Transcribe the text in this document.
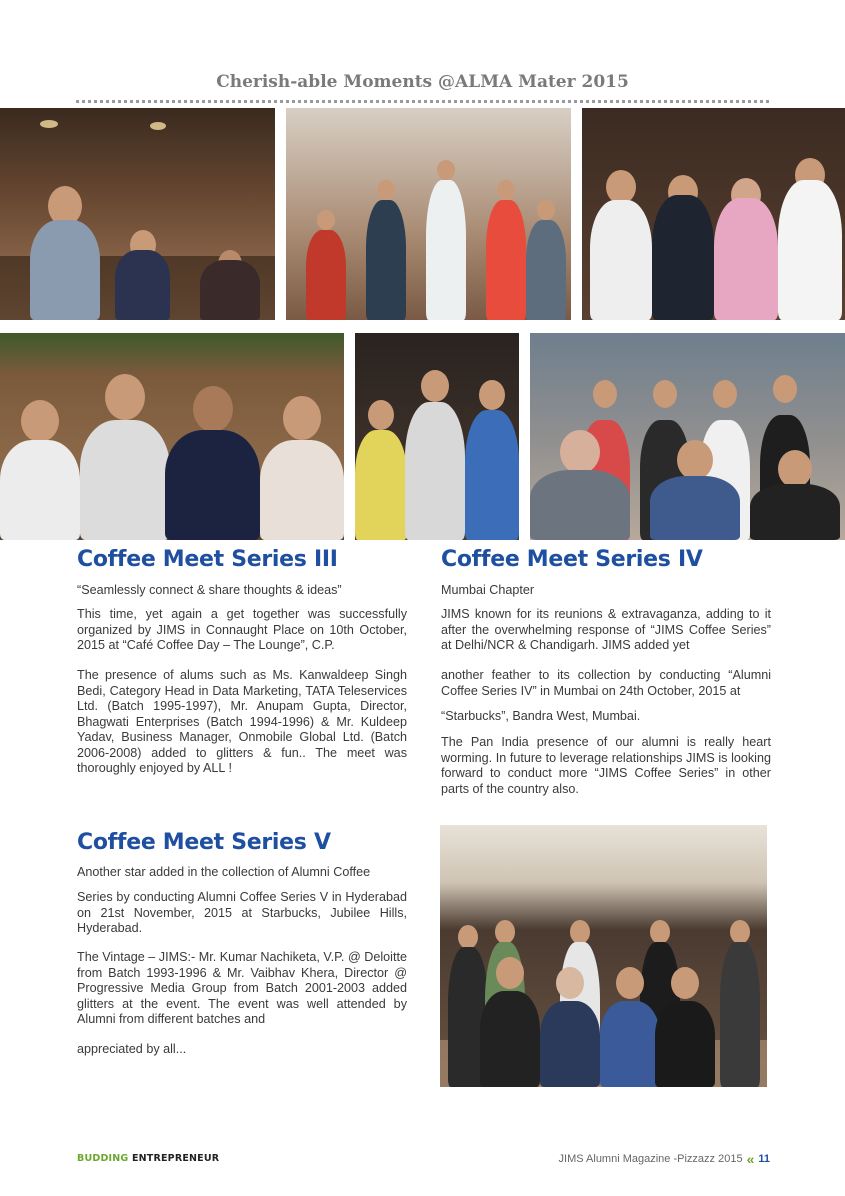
Cherish-able Moments @ALMA Mater 2015
Coffee Meet Series III

“Seamlessly connect & share thoughts & ideas”

This time, yet again a get together was successfully organized by JIMS in Connaught Place on 10th October, 2015 at “Café Coffee Day – The Lounge”, C.P.

The presence of alums such as Ms. Kanwaldeep Singh Bedi, Category Head in Data Marketing, TATA Teleservices Ltd. (Batch 1995-1997), Mr. Anupam Gupta, Director, Bhagwati Enterprises (Batch 1994-1996) & Mr. Kuldeep Yadav, Business Manager, Onmobile Global Ltd. (Batch 2006-2008) added to glitters & fun.. The meet was thoroughly enjoyed by ALL !

Coffee Meet Series IV

Mumbai Chapter

JIMS known for its reunions & extravaganza, adding to it after the overwhelming response of “JIMS Coffee Series” at Delhi/NCR & Chandigarh. JIMS added yet

another feather to its collection by conducting “Alumni Coffee Series IV” in Mumbai on 24th October, 2015 at

“Starbucks”, Bandra West, Mumbai.

The Pan India presence of our alumni is really heart worming. In future to leverage relationships JIMS is looking forward to conduct more “JIMS Coffee Series” in other parts of the country also.

Coffee Meet Series V

Another star added in the collection of Alumni Coffee

Series by conducting Alumni Coffee Series V in Hyderabad on 21st November, 2015 at Starbucks, Jubilee Hills, Hyderabad.

The Vintage – JIMS:- Mr. Kumar Nachiketa, V.P. @ Deloitte from Batch 1993-1996 & Mr. Vaibhav Khera, Director @ Progressive Media Group from Batch 2001-2003 added glitters at the event. The event was well attended by Alumni from different batches and

appreciated by all...

BUDDING ENTREPRENEUR	JIMS Alumni Magazine -Pizzazz 2015 « 11
